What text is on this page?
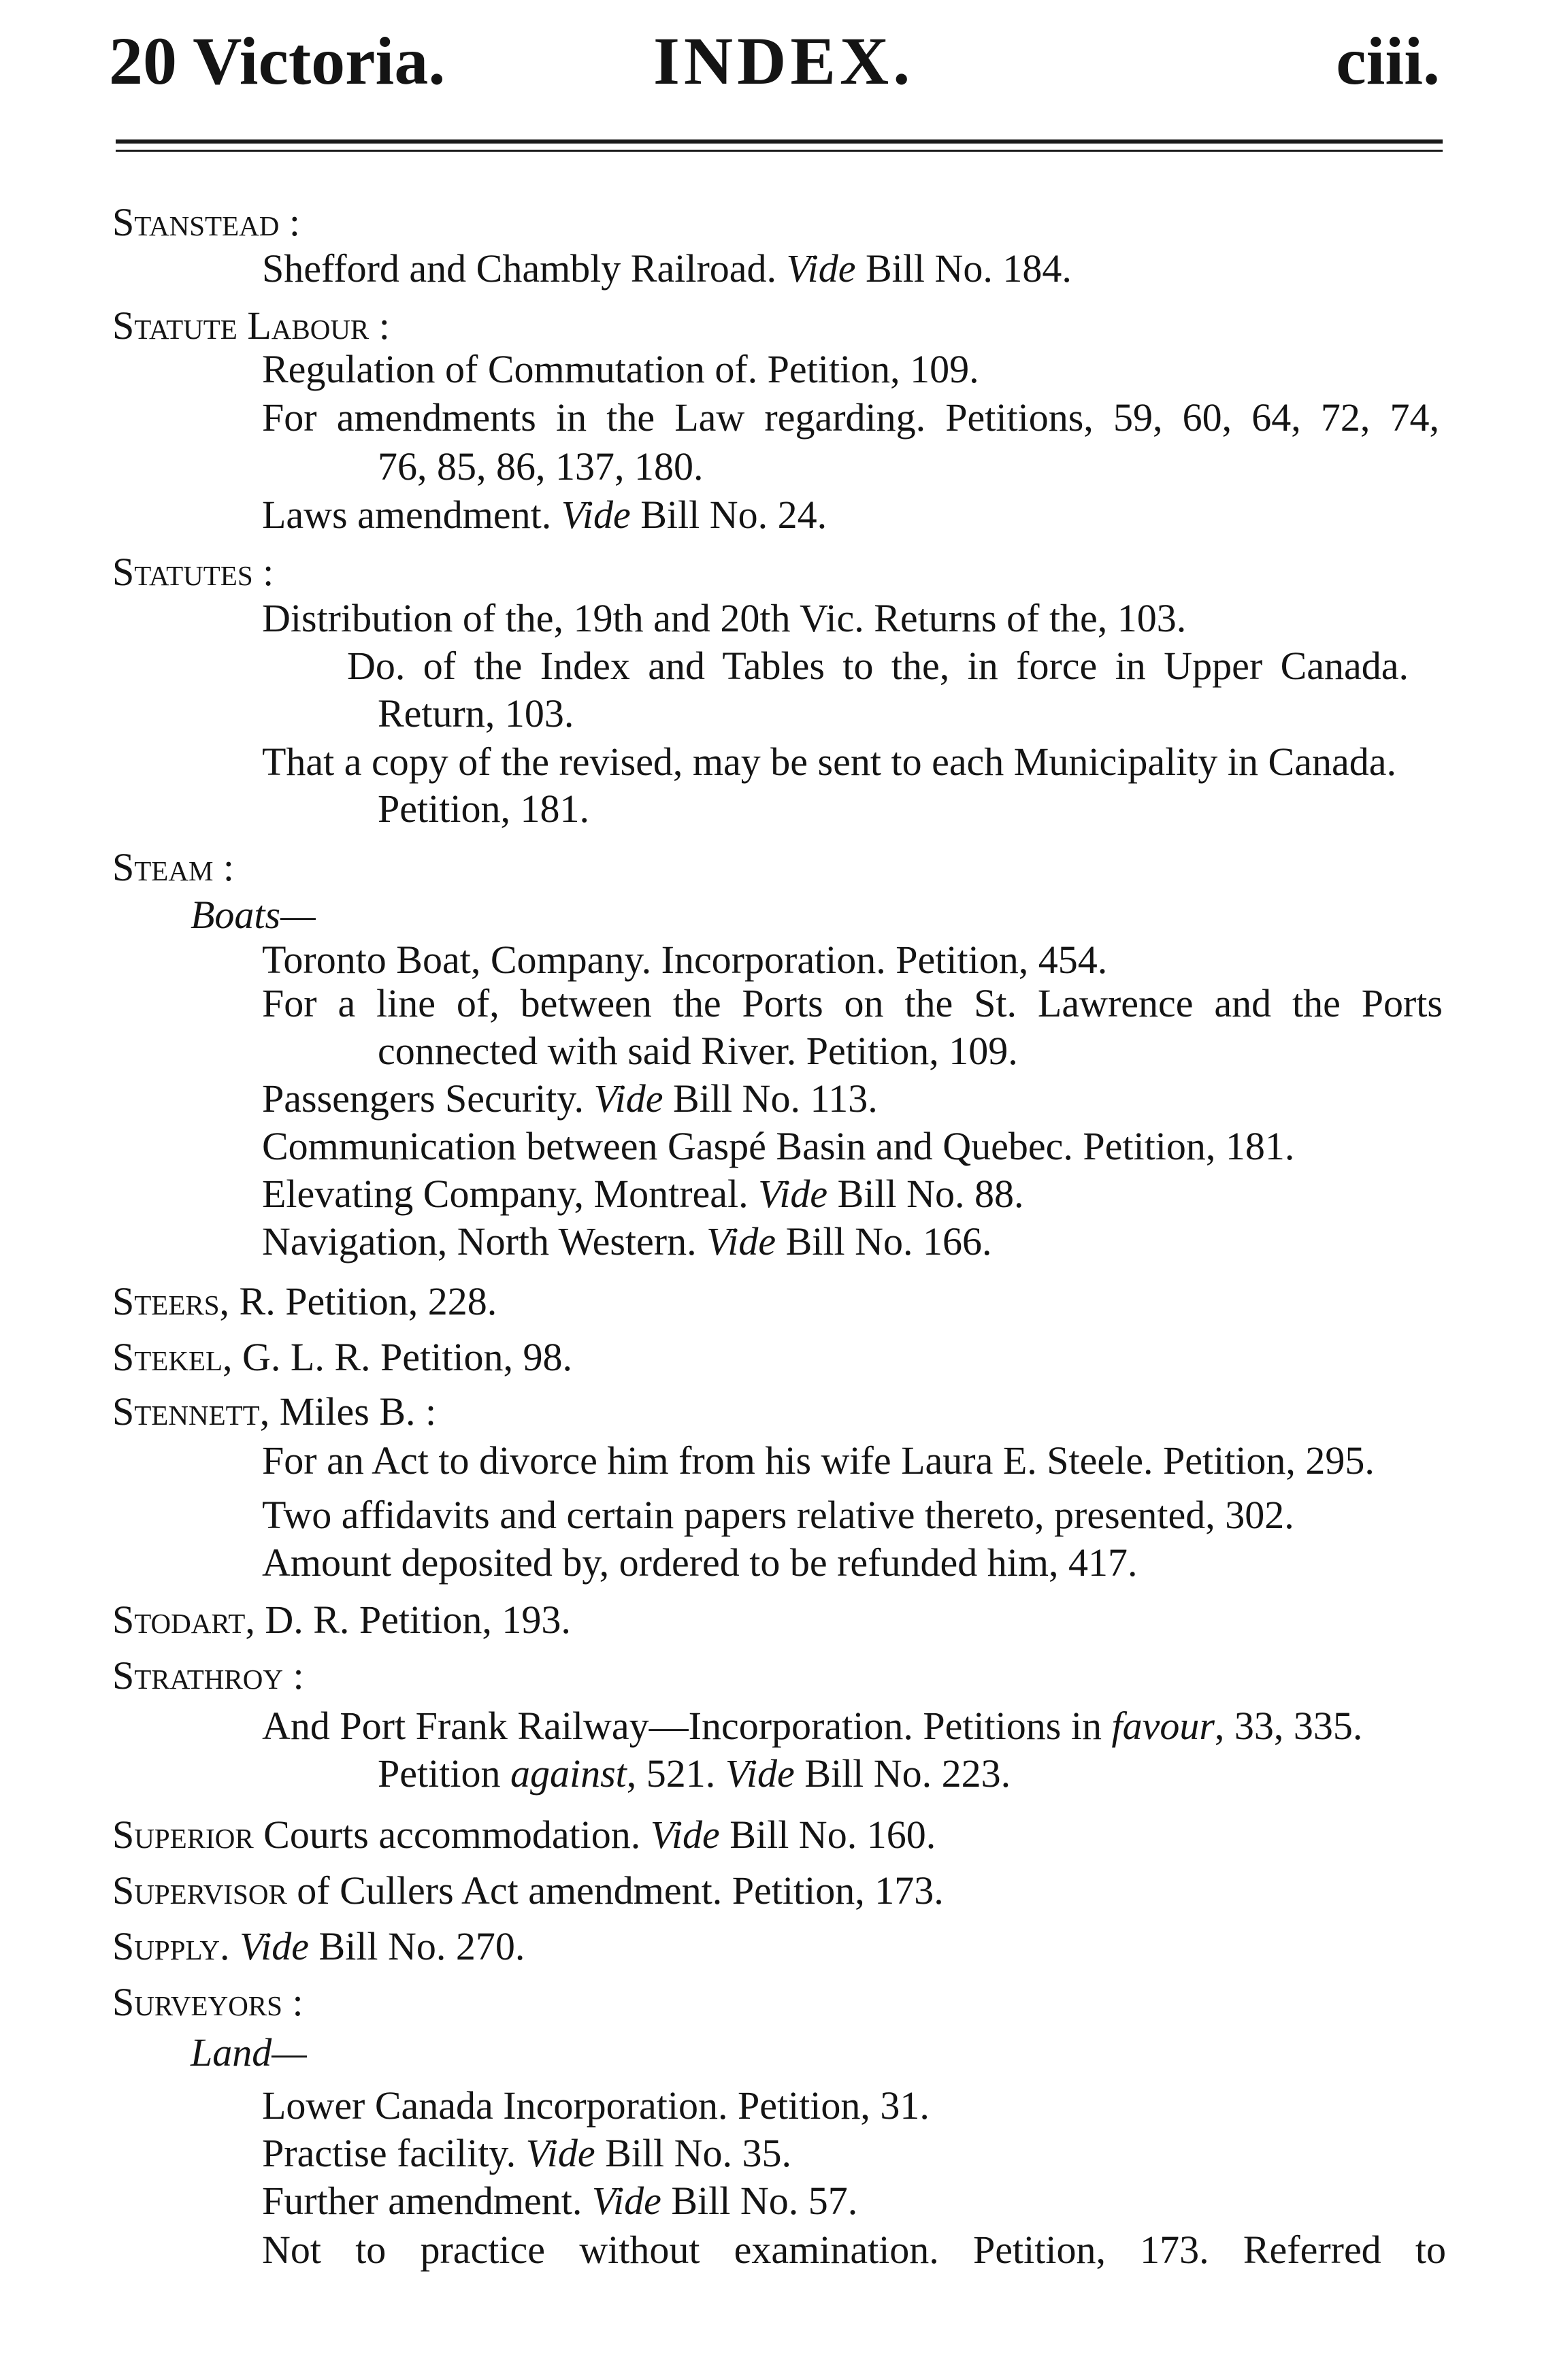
20 Victoria.	INDEX.	ciii.
Stanstead :
Shefford and Chambly Railroad. Vide Bill No. 184.
Statute Labour :
Regulation of Commutation of. Petition, 109.
For amendments in the Law regarding. Petitions, 59, 60, 64, 72, 74,
76, 85, 86, 137, 180.
Laws amendment. Vide Bill No. 24.
Statutes :
Distribution of the, 19th and 20th Vic. Returns of the, 103.
Do. of the Index and Tables to the, in force in Upper Canada.
Return, 103.
That a copy of the revised, may be sent to each Municipality in Canada.
Petition, 181.
Steam :
Boats—
Toronto Boat, Company. Incorporation. Petition, 454.
For a line of, between the Ports on the St. Lawrence and the Ports
connected with said River. Petition, 109.
Passengers Security. Vide Bill No. 113.
Communication between Gaspé Basin and Quebec. Petition, 181.
Elevating Company, Montreal. Vide Bill No. 88.
Navigation, North Western. Vide Bill No. 166.
Steers, R. Petition, 228.
Stekel, G. L. R. Petition, 98.
Stennett, Miles B. :
For an Act to divorce him from his wife Laura E. Steele. Petition, 295.
Two affidavits and certain papers relative thereto, presented, 302.
Amount deposited by, ordered to be refunded him, 417.
Stodart, D. R. Petition, 193.
Strathroy :
And Port Frank Railway—Incorporation. Petitions in favour, 33, 335.
Petition against, 521. Vide Bill No. 223.
Superior Courts accommodation. Vide Bill No. 160.
Supervisor of Cullers Act amendment. Petition, 173.
Supply. Vide Bill No. 270.
Surveyors :
Land—
Lower Canada Incorporation. Petition, 31.
Practise facility. Vide Bill No. 35.
Further amendment. Vide Bill No. 57.
Not to practice without examination. Petition, 173. Referred to
